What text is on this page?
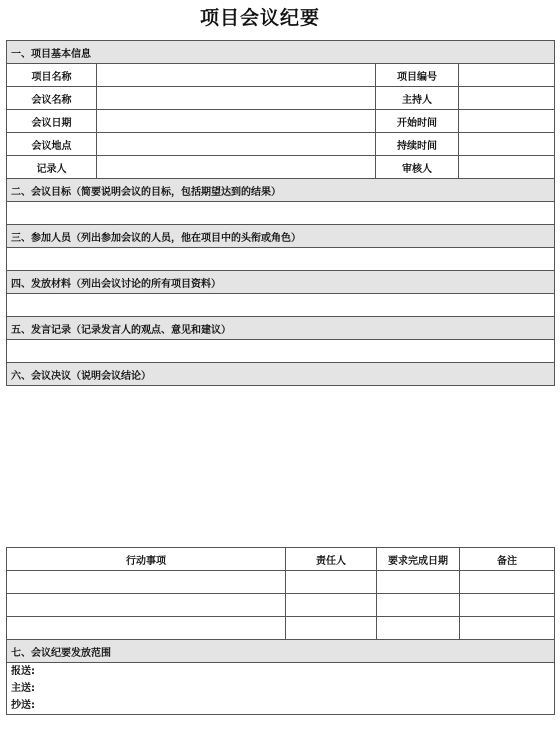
项目会议纪要
一、项目基本信息			
项目名称		项目编号	
会议名称		主持人	
会议日期		开始时间	
会议地点		持续时间	
记录人		审核人	
二、会议目标（简要说明会议的目标，包括期望达到的结果）			

三、参加人员（列出参加会议的人员，他在项目中的头衔或角色）			

四、发放材料（列出会议讨论的所有项目资料）			

五、发言记录（记录发言人的观点、意见和建议）			

六、会议决议（说明会议结论）			
行动事项	责任人	要求完成日期	备注

七、会议纪要发放范围			

报送:
主送:
抄送:			
